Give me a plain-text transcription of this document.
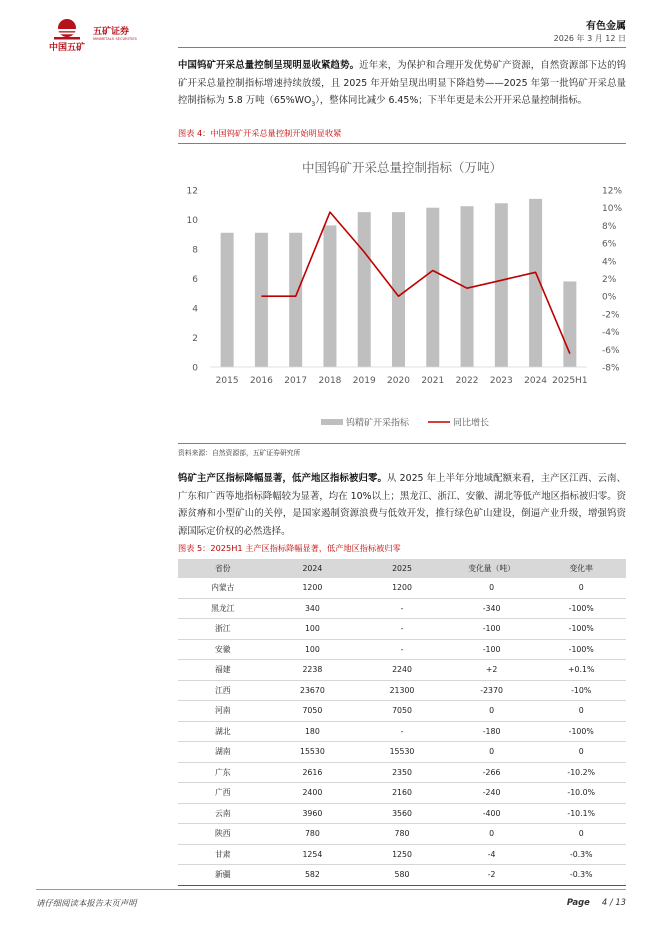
中国五矿
五矿证券
MINMETALS SECURITIES
有色金属
2026 年 3 月 12 日
中国钨矿开采总量控制呈现明显收紧趋势。近年来，为保护和合理开发优势矿产资源，自然资源部下达的钨矿开采总量控制指标增速持续放缓，且 2025 年开始呈现出明显下降趋势——2025 年第一批钨矿开采总量控制指标为 5.8 万吨$(65\%WO_3)$，整体同比减少 6.45%；下半年更是未公开开采总量控制指标。
图表 4：中国钨矿开采总量控制开始明显收紧
中国钨矿开采总量控制指标（万吨）
0
2
4
6
8
10
12
-8%
-6%
-4%
-2%
0%
2%
4%
6%
8%
10%
12%
2015 2016 2017 2018 2019 2020 2021 2022 2023 2024 2025H1
钨精矿开采指标	同比增长
资料来源：自然资源部，五矿证券研究所
钨矿主产区指标降幅显著，低产地区指标被归零。从 2025 年上半年分地域配额来看，主产区江西、云南、广东和广西等地指标降幅较为显著，均在 10%以上；黑龙江、浙江、安徽、湖北等低产地区指标被归零。资源贫瘠和小型矿山的关停，是国家遏制资源浪费与低效开发，推行绿色矿山建设，倒逼产业升级，增强钨资源国际定价权的必然选择。
图表 5：2025H1 主产区指标降幅显著，低产地区指标被归零
省份	2024	2025	变化量（吨）	变化率
内蒙古	1200	1200	0	0
黑龙江	340	-	-340	-100%
浙江	100	-	-100	-100%
安徽	100	-	-100	-100%
福建	2238	2240	+2	+0.1%
江西	23670	21300	-2370	-10%
河南	7050	7050	0	0
湖北	180	-	-180	-100%
湖南	15530	15530	0	0
广东	2616	2350	-266	-10.2%
广西	2400	2160	-240	-10.0%
云南	3960	3560	-400	-10.1%
陕西	780	780	0	0
甘肃	1254	1250	-4	-0.3%
新疆	582	580	-2	-0.3%
请仔细阅读本报告末页声明	Page 4 / 13
